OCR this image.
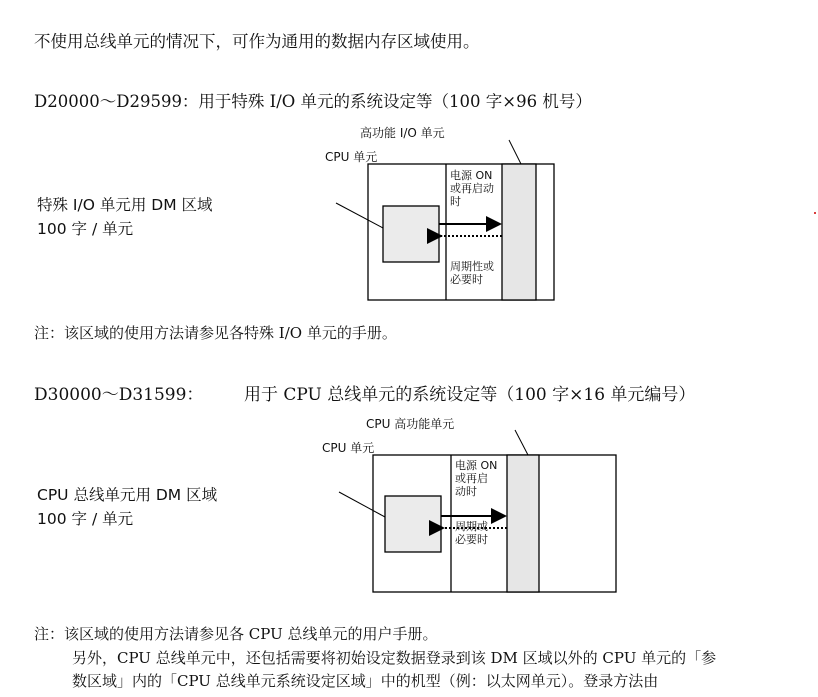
不使用总线单元的情况下，可作为通用的数据内存区域使用。
D20000～D29599：用于特殊 I/O 单元的系统设定等（100 字×96 机号）
高功能 I/O 单元
CPU 单元
特殊 I/O 单元用 DM 区域
100 字 / 单元
电源 ON
或再启动
时
周期性或
必要时
注：该区域的使用方法请参见各特殊 I/O 单元的手册。
D30000～D31599： 用于 CPU 总线单元的系统设定等（100 字×16 单元编号）
CPU 高功能单元
CPU 单元
CPU 总线单元用 DM 区域
100 字 / 单元
电源 ON
或再启
动时
周期或
必要时
注：该区域的使用方法请参见各 CPU 总线单元的用户手册。
另外，CPU 总线单元中，还包括需要将初始设定数据登录到该 DM 区域以外的 CPU 单元的「参
数区域」内的「CPU 总线单元系统设定区域」中的机型（例：以太网单元）。登录方法由
